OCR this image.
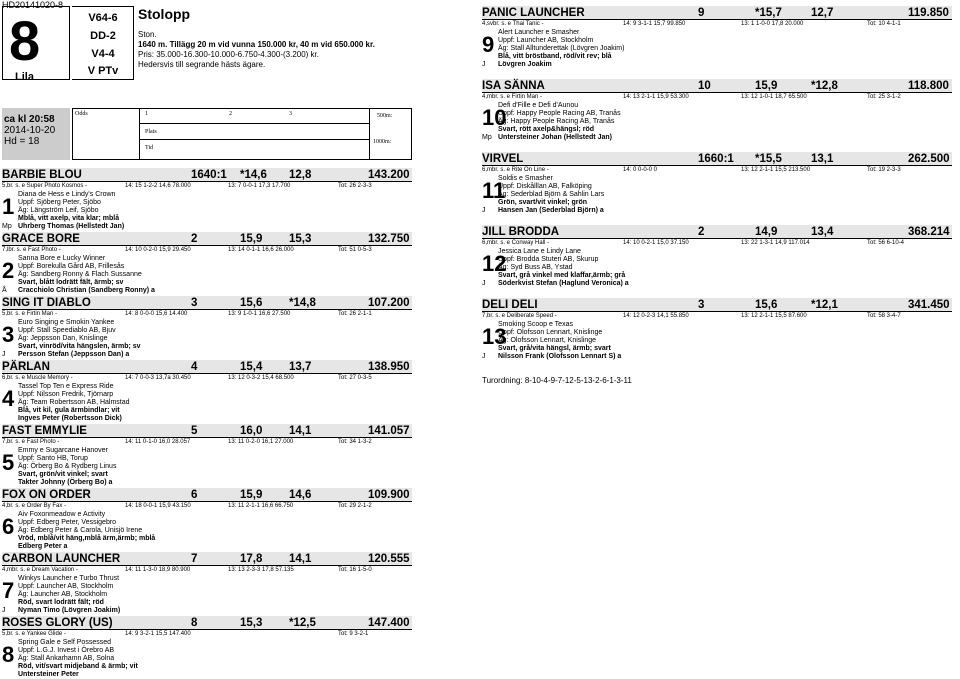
HD20141020-8
8
Lila
V64-6
DD-2
V4-4
V PTv
Stolopp
Ston.
1640 m. Tillägg 20 m vid vunna 150.000 kr, 40 m vid 650.000 kr.
Pris: 35.000-16.300-10.000-6.750-4.300-(3.200) kr.
Hedersvis till segrande hästs ägare.
ca kl 20:58
2014-10-20
Hd = 18
Odds	1	2	3
Plats
Tid
500m:
1000m:
BARBIE BLOU	1640:1 *14,6 12,8	143.200
5,br. s. e Super Photo Kosmos -	14: 15 1-2-2 14,6 78.000	13: 7 0-0-1 17,3 17.700	Tot: 26 2-3-3
1 Diana de Hess e Lindy's Crown
Uppf: Sjöberg Peter, Sjöbo
Äg: Längström Leif, Sjöbo
Mblå, vitt axelp, vita klar; mblå
Uhrberg Thomas (Hellstedt Jan)
Mp
GRACE BORE	2	15,9 15,3	132.750
7,lbr. s. e Fast Photo -	14: 10 0-2-0 15,9 29.450	13: 14 0-1-1 16,6 26.000	Tot: 51 0-5-3
2 Sanna Bore e Lucky Winner
Uppf: Borekulla Gård AB, Frillesås
Äg: Sandberg Ronny & Flach Sussanne
Svart, blått lodrätt fält, ärmb; sv
Cracchiolo Christian (Sandberg Ronny) a
Å
SING IT DIABLO	3	15,6 *14,8	107.200
5,br. s. e Firtin Man -	14: 8 0-0-0 15,6 14.400	13: 9 1-0-1 16,6 27.500	Tot: 26 2-1-1
3 Euro Singing e Smokin Yankee
Uppf: Stall Speediablo AB, Bjuv
Äg: Jeppsson Dan, Knislinge
Svart, vinröd/vita hängslen, ärmb; sv
Persson Stefan (Jeppsson Dan) a
J
PÄRLAN	4	15,4 13,7	138.950
6,br. s. e Muscle Memory -	14: 7 0-0-3 13,7a 30.450	13: 12 0-3-2 15,4 68.500	Tot: 27 0-3-5
4 Tassel Top Ten e Express Ride
Uppf: Nilsson Fredrik, Tjörnarp
Äg: Team Robertsson AB, Halmstad
Blå, vit kil, gula ärmbindlar; vit
Ingves Peter (Robertsson Dick)
FAST EMMYLIE	5	16,0 14,1	141.057
7,br. s. e Fast Photo -	14: 11 0-1-0 16,0 28.057	13: 11 0-2-0 16,1 27.000	Tot: 34 1-3-2
5 Emmy e Sugarcane Hanover
Uppf: Santo HB, Torup
Äg: Örberg Bo & Rydberg Linus
Svart, grön/vit vinkel; svart
Takter Johnny (Örberg Bo) a
FOX ON ORDER	6	15,9 14,6	109.900
4,br. s. e Order By Fax -	14: 18 0-0-1 15,9 43.150	13: 11 2-1-1 16,6 66.750	Tot: 29 2-1-2
6 Aiv Foxonmeadow e Activity
Uppf: Edberg Peter, Vessigebro
Äg: Edberg Peter & Carola, Unisjö Irene
Vröd, mblå/vit häng,mblå ärm,ärmb; mblå
Edberg Peter a
CARBON LAUNCHER	7	17,8 14,1	120.555
4,mbr. s. e Dream Vacation -	14: 11 1-3-0 18,9 80.900	13: 13 2-3-3 17,8 57.135	Tot: 16 1-5-0
7 Winkys Launcher e Turbo Thrust
Uppf: Launcher AB, Stockholm
Äg: Launcher AB, Stockholm
Röd, svart lodrätt fält; röd
Nyman Timo (Lövgren Joakim)
J
ROSES GLORY (US)	8	15,3 *12,5	147.400
5,br. s. e Yankee Glide -	14: 9 3-2-1 15,5 147.400	Tot: 9 3-2-1
8 Spring Gale e Self Possessed
Uppf: L.G.J. Invest i Örebro AB
Äg: Stall Ankarhamn AB, Solna
Röd, vit/svart midjeband & ärmb; vit
Untersteiner Peter
PANIC LAUNCHER	9	*15,7	12,7	119.850
4,svbr. s. e Thai Tanic -	14: 9 3-1-1 15,7 99.850	13: 1 1-0-0 17,8 20.000	Tot: 10 4-1-1
9 Alert Launcher e Smasher
Uppf: Launcher AB, Stockholm
Äg: Stall Alltunderettak (Lövgren Joakim)
Blå, vitt bröstband, röd/vit rev; blå
Lövgren Joakim
J
ISA SÄNNA	10	15,9	*12,8	118.800
4,mbr. s. e Firtin Man -	14: 13 2-1-1 15,9 53.300	13: 12 1-0-1 18,7 65.500	Tot: 25 3-1-2
10
Defi d'Fille e Defi d'Aunou
Uppf: Happy People Racing AB, Tranås
Äg: Happy People Racing AB, Tranås
Svart, rött axelp&hängsl; röd
Untersteiner Johan (Hellstedt Jan)
Mp
VIRVEL	1660:1 *15,5	13,1	262.500
6,mbr. s. e Rite On Line -	14: 0 0-0-0 0	13: 12 2-1-1 15,5 213.500	Tot: 19 2-3-3
11
Soldis e Smasher
Uppf: Diskålllan AB, Falköping
Äg: Sederblad Björn & Sahlin Lars
Grön, svart/vit vinkel; grön
Hansen Jan (Sederblad Björn) a
J
JILL BRODDA	2	14,9	13,4	368.214
6,mbr. s. e Conway Hall -	14: 10 0-2-1 15,0 37.150	13: 22 1-3-1 14,9 117.014	Tot: 56 6-10-4
12
Jessica Lane e Lindy Lane
Uppf: Brodda Stuteri AB, Skurup
Äg: Syd Buss AB, Ystad
Svart, grå vinkel med klaffar,ärmb; grå
Söderkvist Stefan (Haglund Veronica) a
J
DELI DELI	3	15,6	*12,1	341.450
7,br. s. e Deliberate Speed -	14: 12 0-2-3 14,1 55.850	13: 12 2-1-1 15,5 87.600	Tot: 58 3-4-7
13
Smoking Scoop e Texas
Uppf: Olofsson Lennart, Knislinge
Äg: Olofsson Lennart, Knislinge
Svart, grå/vita hängsl, ärmb; svart
Nilsson Frank (Olofsson Lennart S) a
J
Turordning: 8-10-4-9-7-12-5-13-2-6-1-3-11
